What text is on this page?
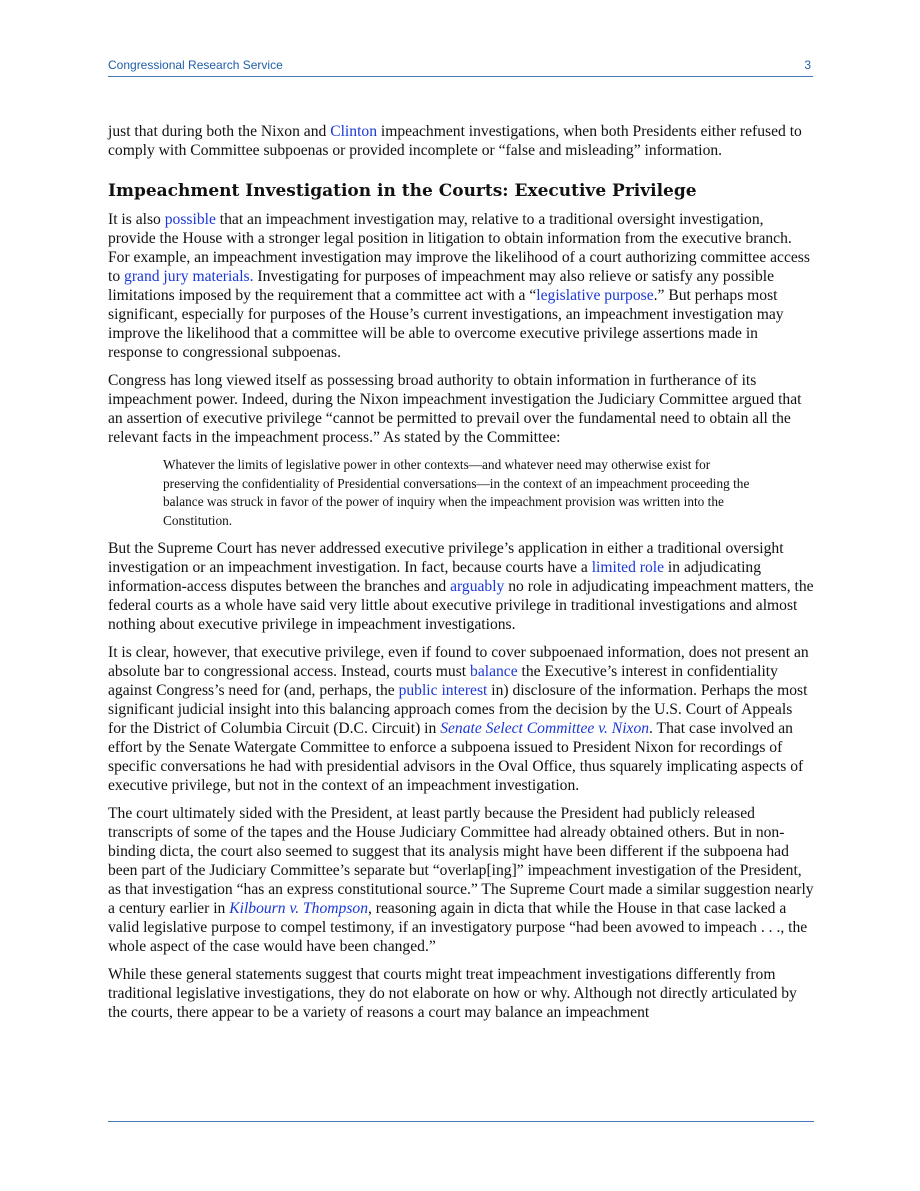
Congressional Research Service	3

just that during both the Nixon and Clinton impeachment investigations, when both Presidents either refused to comply with Committee subpoenas or provided incomplete or “false and misleading” information.

Impeachment Investigation in the Courts: Executive Privilege

It is also possible that an impeachment investigation may, relative to a traditional oversight investigation, provide the House with a stronger legal position in litigation to obtain information from the executive branch. For example, an impeachment investigation may improve the likelihood of a court authorizing committee access to grand jury materials. Investigating for purposes of impeachment may also relieve or satisfy any possible limitations imposed by the requirement that a committee act with a “legislative purpose.” But perhaps most significant, especially for purposes of the House’s current investigations, an impeachment investigation may improve the likelihood that a committee will be able to overcome executive privilege assertions made in response to congressional subpoenas.

Congress has long viewed itself as possessing broad authority to obtain information in furtherance of its impeachment power. Indeed, during the Nixon impeachment investigation the Judiciary Committee argued that an assertion of executive privilege “cannot be permitted to prevail over the fundamental need to obtain all the relevant facts in the impeachment process.” As stated by the Committee:

Whatever the limits of legislative power in other contexts—and whatever need may otherwise exist for preserving the confidentiality of Presidential conversations—in the context of an impeachment proceeding the balance was struck in favor of the power of inquiry when the impeachment provision was written into the Constitution.

But the Supreme Court has never addressed executive privilege’s application in either a traditional oversight investigation or an impeachment investigation. In fact, because courts have a limited role in adjudicating information-access disputes between the branches and arguably no role in adjudicating impeachment matters, the federal courts as a whole have said very little about executive privilege in traditional investigations and almost nothing about executive privilege in impeachment investigations.

It is clear, however, that executive privilege, even if found to cover subpoenaed information, does not present an absolute bar to congressional access. Instead, courts must balance the Executive’s interest in confidentiality against Congress’s need for (and, perhaps, the public interest in) disclosure of the information. Perhaps the most significant judicial insight into this balancing approach comes from the decision by the U.S. Court of Appeals for the District of Columbia Circuit (D.C. Circuit) in Senate Select Committee v. Nixon. That case involved an effort by the Senate Watergate Committee to enforce a subpoena issued to President Nixon for recordings of specific conversations he had with presidential advisors in the Oval Office, thus squarely implicating aspects of executive privilege, but not in the context of an impeachment investigation.

The court ultimately sided with the President, at least partly because the President had publicly released transcripts of some of the tapes and the House Judiciary Committee had already obtained others. But in non-binding dicta, the court also seemed to suggest that its analysis might have been different if the subpoena had been part of the Judiciary Committee’s separate but “overlap[ing]” impeachment investigation of the President, as that investigation “has an express constitutional source.” The Supreme Court made a similar suggestion nearly a century earlier in Kilbourn v. Thompson, reasoning again in dicta that while the House in that case lacked a valid legislative purpose to compel testimony, if an investigatory purpose “had been avowed to impeach . . ., the whole aspect of the case would have been changed.”

While these general statements suggest that courts might treat impeachment investigations differently from traditional legislative investigations, they do not elaborate on how or why. Although not directly articulated by the courts, there appear to be a variety of reasons a court may balance an impeachment
